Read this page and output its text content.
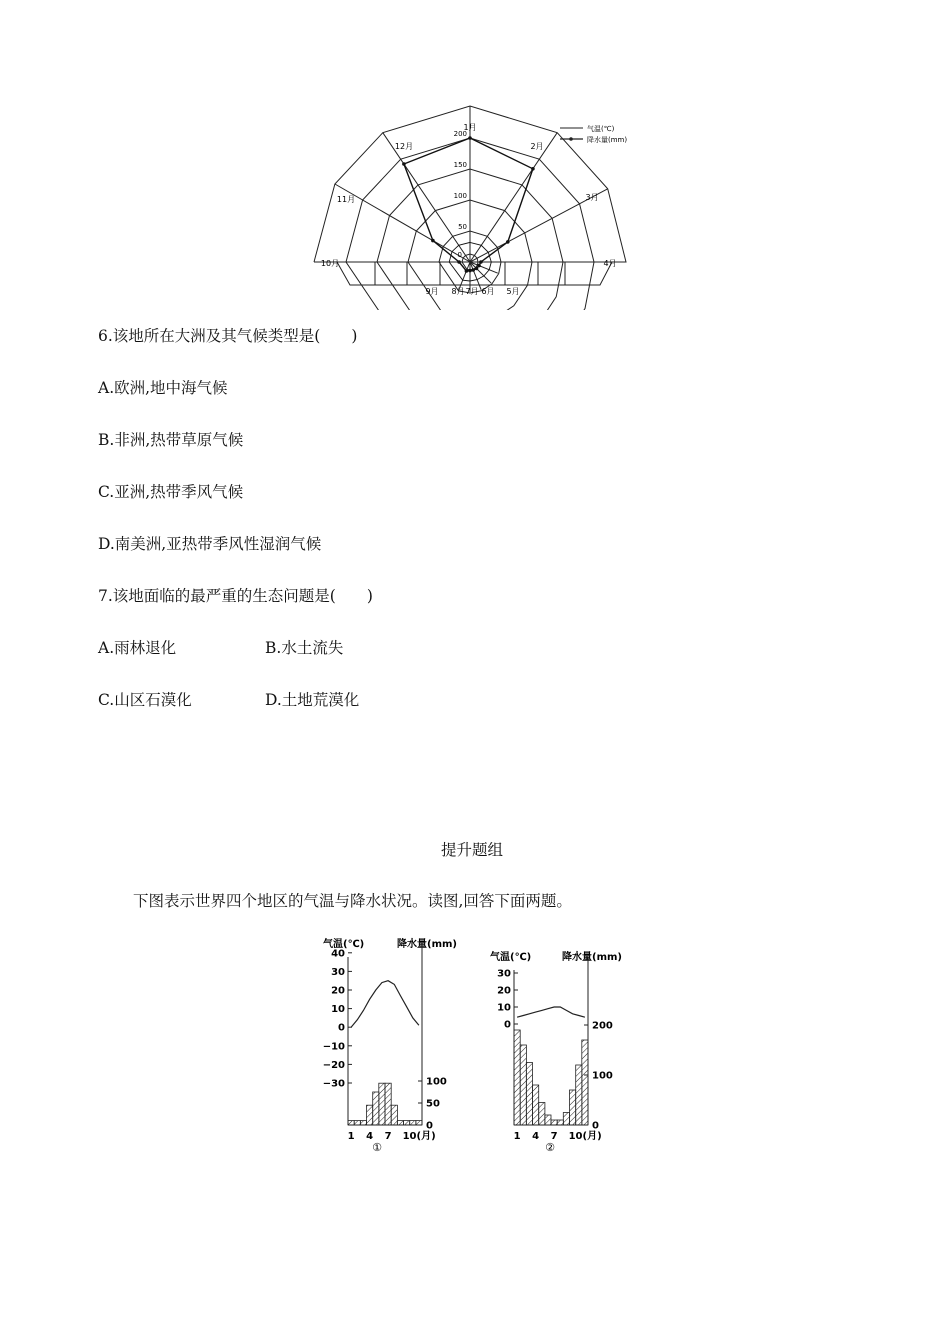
1月
2月
3月
4月
5月
6月
7月
8月
9月
10月
11月
12月
0
50
100
150
200
气温(℃)
降水量(mm)
6.该地所在大洲及其气候类型是(　　)
A.欧洲,地中海气候
B.非洲,热带草原气候
C.亚洲,热带季风气候
D.南美洲,亚热带季风性湿润气候
7.该地面临的最严重的生态问题是(　　)
A.雨林退化	B.水土流失
C.山区石漠化	D.土地荒漠化
提升题组
下图表示世界四个地区的气温与降水状况。读图,回答下面两题。
气温(℃)	降水量(mm)
40
30
20
10
0
−10
−20
−30	100
50
0
1 4 7 10(月)
①
气温(℃)	降水量(mm)
30
20
10
0	200
100
0
1 4 7 10(月)
②
